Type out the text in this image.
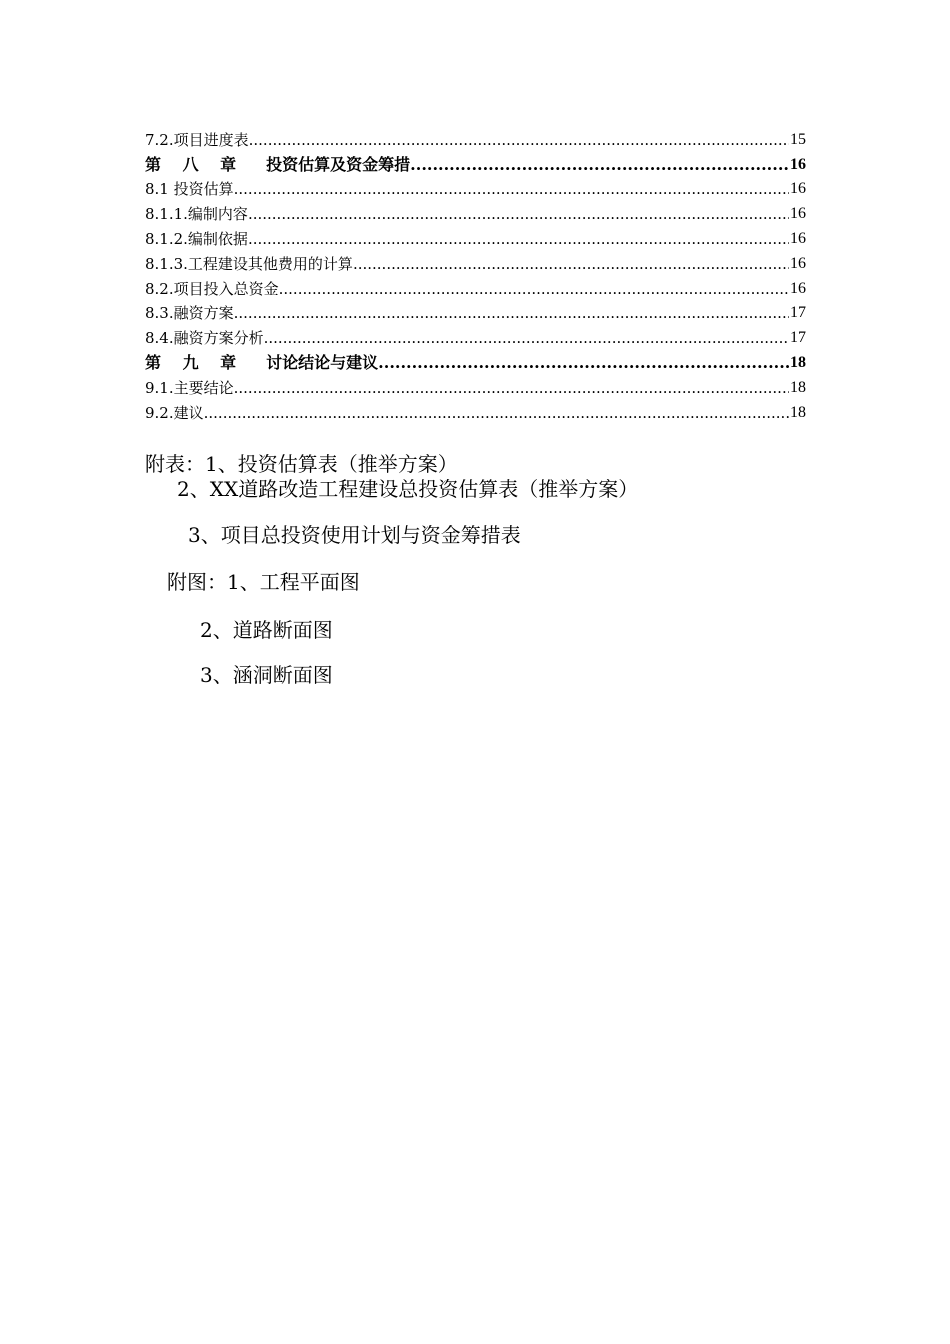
7.2.项目进度表 .....	15
第 八 章 投资估算及资金筹措 .....	16
8.1 投资估算 .....	16
8.1.1.编制内容 .....	16
8.1.2.编制依据 .....	16
8.1.3.工程建设其他费用的计算 .....	16
8.2.项目投入总资金 .....	16
8.3.融资方案 .....	17
8.4.融资方案分析 .....	17
第 九 章 讨论结论与建议 .....	18
9.1.主要结论 .....	18
9.2.建议 .....	18
附表：1、投资估算表（推举方案）
2、XX道路改造工程建设总投资估算表（推举方案）
3、项目总投资使用计划与资金筹措表
附图：1、工程平面图
2、道路断面图
3、涵洞断面图
